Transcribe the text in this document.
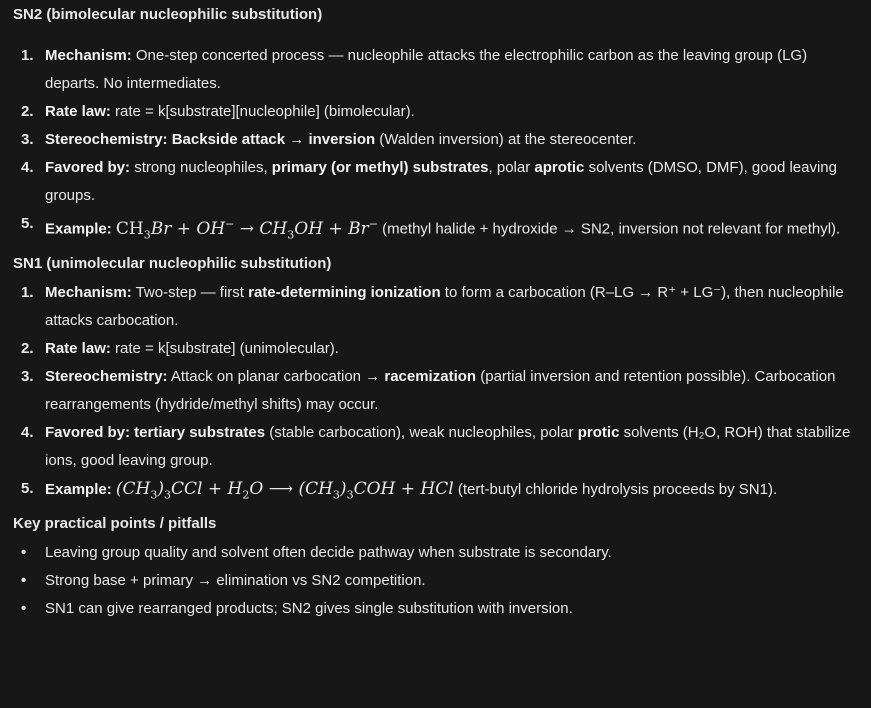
SN2 (bimolecular nucleophilic substitution)
1. Mechanism: One-step concerted process — nucleophile attacks the electrophilic carbon as the leaving group (LG) departs. No intermediates.
2. Rate law: rate = k[substrate][nucleophile] (bimolecular).
3. Stereochemistry: Backside attack → inversion (Walden inversion) at the stereocenter.
4. Favored by: strong nucleophiles, primary (or methyl) substrates, polar aprotic solvents (DMSO, DMF), good leaving groups.
5. Example: $CH_3Br + OH^- \to CH_3OH + Br^-$ (methyl halide + hydroxide → SN2, inversion not relevant for methyl).
SN1 (unimolecular nucleophilic substitution)
1. Mechanism: Two-step — first rate-determining ionization to form a carbocation (R–LG → R⁺ + LG⁻), then nucleophile attacks carbocation.
2. Rate law: rate = k[substrate] (unimolecular).
3. Stereochemistry: Attack on planar carbocation → racemization (partial inversion and retention possible). Carbocation rearrangements (hydride/methyl shifts) may occur.
4. Favored by: tertiary substrates (stable carbocation), weak nucleophiles, polar protic solvents (H₂O, ROH) that stabilize ions, good leaving group.
5. Example: $(CH_3)_3CCl + H_2O$ ⟶ $(CH_3)_3COH$ + HCl (tert-butyl chloride hydrolysis proceeds by SN1).
Key practical points / pitfalls
• Leaving group quality and solvent often decide pathway when substrate is secondary.
• Strong base + primary → elimination vs SN2 competition.
• SN1 can give rearranged products; SN2 gives single substitution with inversion.
